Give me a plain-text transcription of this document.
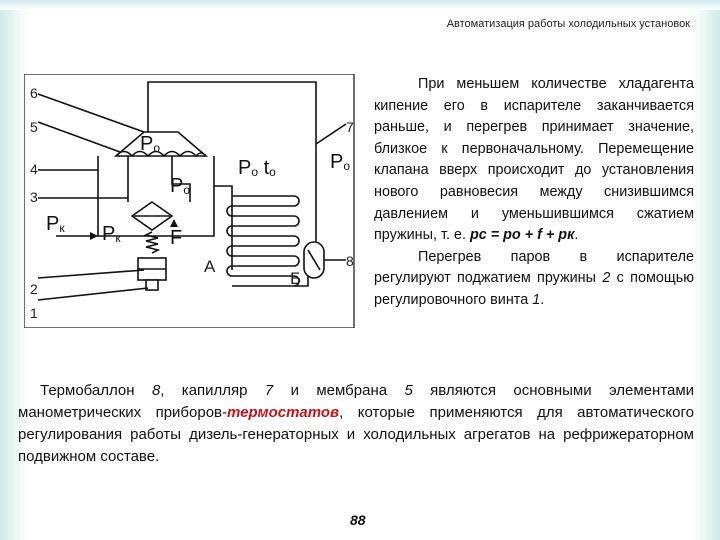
Автоматизация работы холодильных установок
6
5
4
3
2
1
7
8
$P_o$
$P_o$
$P_o$ $t_o$	$P_o$
$P_к$ $P_к$ F
А
Б

При меньшем количестве хладагента кипение его в испарителе заканчивается раньше, и перегрев принимает значение, близкое к первоначальному. Перемещение клапана вверх происходит до установления нового равновесия между снизившимся давлением и уменьшившимся сжатием пружины, т. е. pс = pо + f + pк.

Перегрев паров в испарителе регулируют поджатием пружины 2 с помощью регулировочного винта 1.

Термобаллон 8, капилляр 7 и мембрана 5 являются основными элементами манометрических приборов-термостатов, которые применяются для автоматического регулирования работы дизель-генераторных и холодильных агрегатов на рефрижераторном подвижном составе.

88
